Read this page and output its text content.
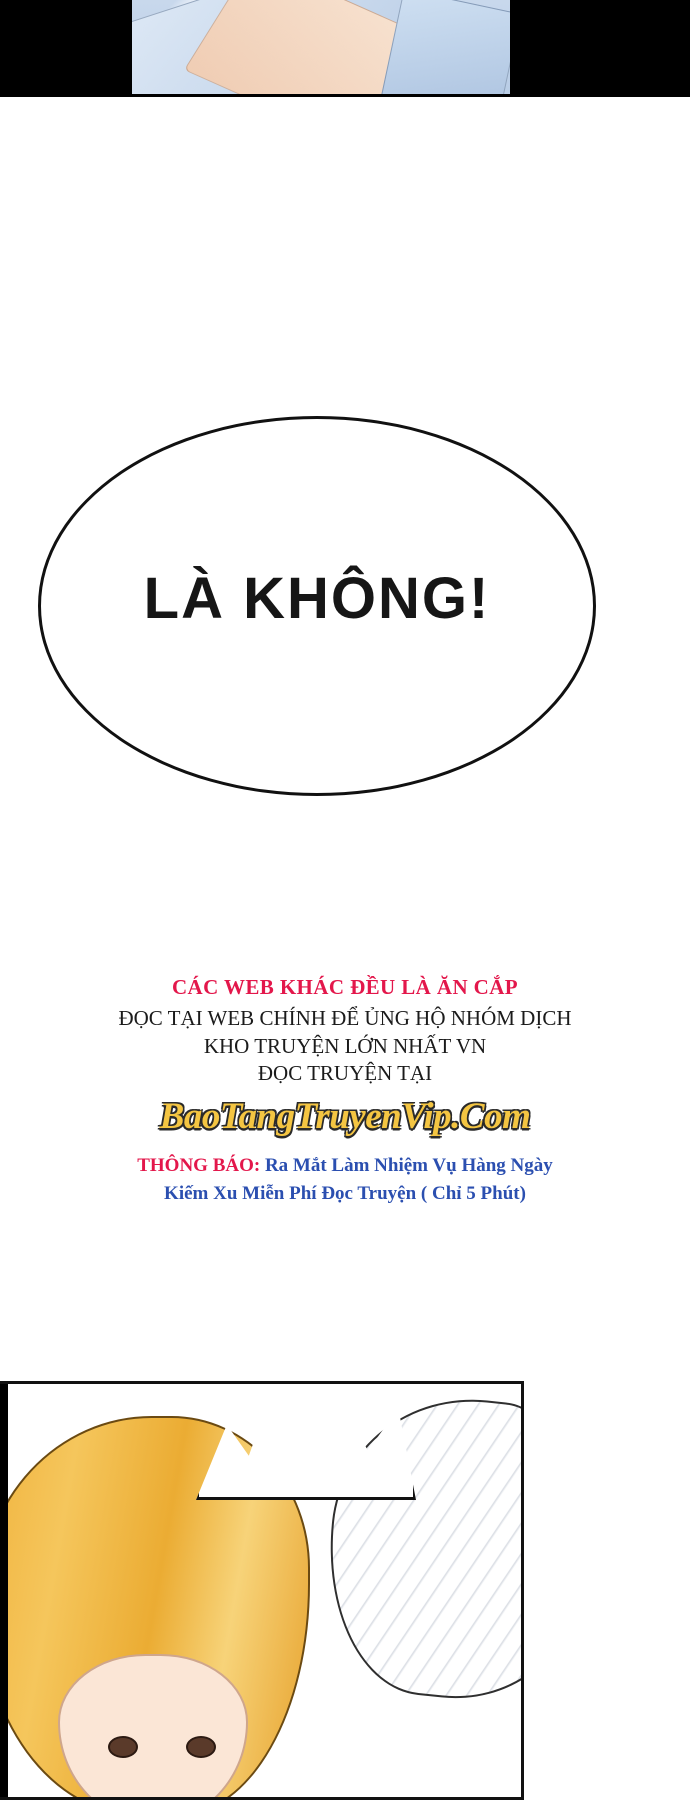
LÀ KHÔNG!
CÁC WEB KHÁC ĐỀU LÀ ĂN CẮP
ĐỌC TẠI WEB CHÍNH ĐỂ ỦNG HỘ NHÓM DỊCH
KHO TRUYỆN LỚN NHẤT VN
ĐỌC TRUYỆN TẠI
BaoTangTruyenVip.Com
THÔNG BÁO: Ra Mắt Làm Nhiệm Vụ Hàng Ngày
Kiếm Xu Miễn Phí Đọc Truyện ( Chỉ 5 Phút)
